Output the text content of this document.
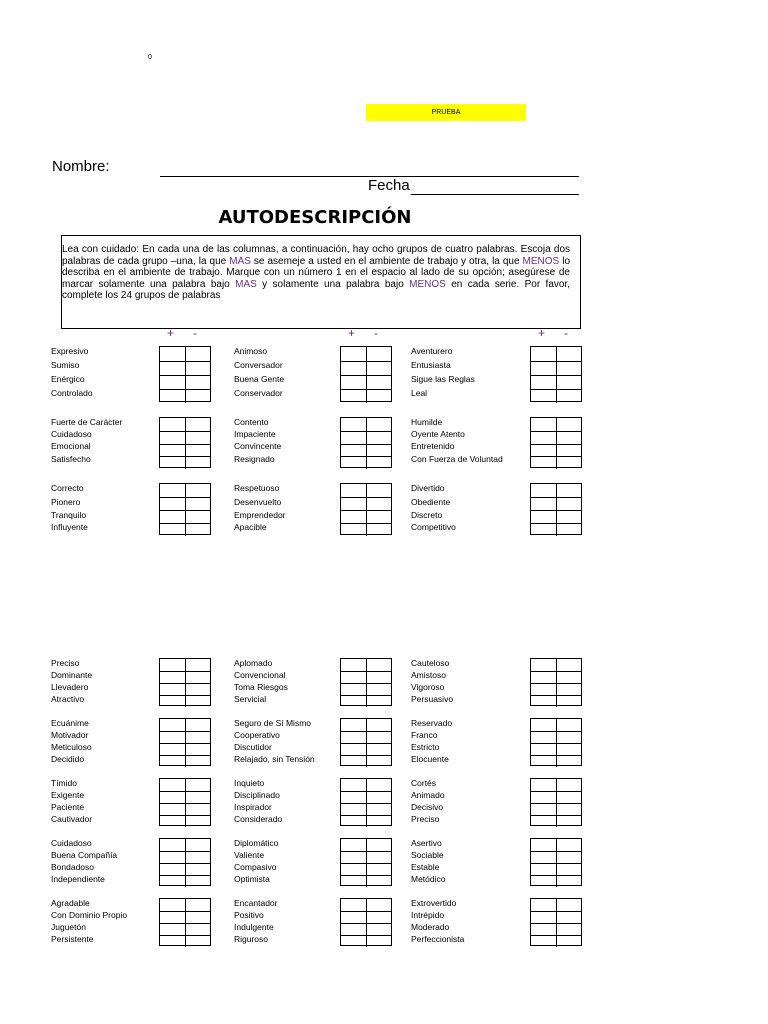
0
PRUEBA
Nombre:
Fecha
AUTODESCRIPCIÓN
Lea con cuidado: En cada una de las columnas, a continuación, hay ocho grupos de cuatro palabras. Escoja dos palabras de cada grupo –una, la que MAS se asemeje a usted en el ambiente de trabajo y otra, la que MENOS lo describa en el ambiente de trabajo. Marque con un número 1 en el espacio al lado de su opción; asegúrese de marcar solamente una palabra bajo MAS y solamente una palabra bajo MENOS en cada serie. Por favor, complete los 24 grupos de palabras
+ -	+ -	+ -
Expresivo
Sumiso
Enérgico
Controlado
Animoso
Conversador
Buena Gente
Conservador
Aventurero
Entusiasta
Sigue las Reglas
Leal
Fuerte de Carácter
Cuidadoso
Emocional
Satisfecho
Contento
Impaciente
Convincente
Resignado
Humilde
Oyente Atento
Entretenido
Con Fuerza de Voluntad
Correcto
Pionero
Tranquilo
Influyente
Respetuoso
Desenvuelto
Emprendedor
Apacible
Divertido
Obediente
Discreto
Competitivo
Preciso
Dominante
Llevadero
Atractivo
Aplomado
Convencional
Toma Riesgos
Servicial
Cauteloso
Amistoso
Vigoroso
Persuasivo
Ecuánime
Motivador
Meticuloso
Decidido
Seguro de Sí Mismo
Cooperativo
Discutidor
Relajado, sin Tensión
Reservado
Franco
Estricto
Elocuente
Tímido
Exigente
Paciente
Cautivador
Inquieto
Disciplinado
Inspirador
Considerado
Cortés
Animado
Decisivo
Preciso
Cuidadoso
Buena Compañía
Bondadoso
Independiente
Diplomático
Valiente
Compasivo
Optimista
Asertivo
Sociable
Estable
Metódico
Agradable
Con Dominio Propio
Juguetón
Persistente
Encantador
Positivo
Indulgente
Riguroso
Extrovertido
Intrépido
Moderado
Perfeccionista
